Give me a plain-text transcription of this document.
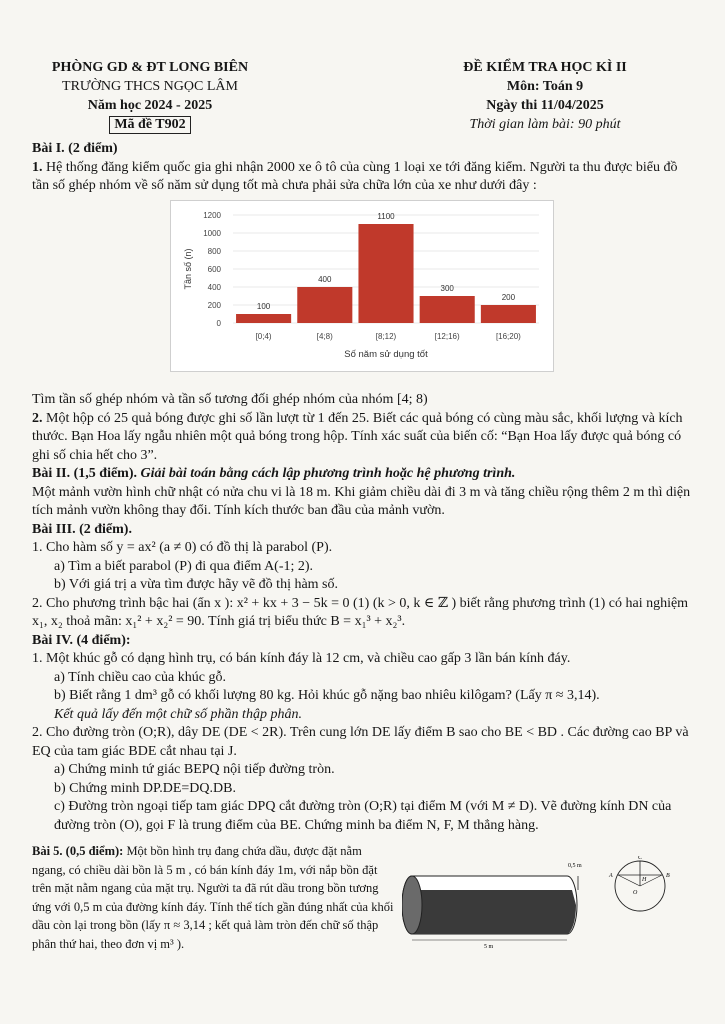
PHÒNG GD & ĐT LONG BIÊN
TRƯỜNG THCS NGỌC LÂM
Năm học 2024 - 2025
Mã đề T902
ĐỀ KIỂM TRA HỌC KÌ II
Môn: Toán 9
Ngày thi 11/04/2025
Thời gian làm bài: 90 phút

Bài I. (2 điểm)

1. Hệ thống đăng kiểm quốc gia ghi nhận 2000 xe ô tô của cùng 1 loại xe tới đăng kiểm. Người ta thu được biểu đồ tần số ghép nhóm về số năm sử dụng tốt mà chưa phải sửa chữa lớn của xe như dưới đây :

0
200
400
600
800
1000
1200
100
[0;4)
400
[4;8)
1100
[8;12)
300
[12;16)
200
[16;20)
Số năm sử dụng tốt
Tần số (n)

Tìm tần số ghép nhóm và tần số tương đối ghép nhóm của nhóm [4; 8)

2. Một hộp có 25 quả bóng được ghi số lần lượt từ 1 đến 25. Biết các quả bóng có cùng màu sắc, khối lượng và kích thước. Bạn Hoa lấy ngẫu nhiên một quả bóng trong hộp. Tính xác suất của biến cố: “Bạn Hoa lấy được quả bóng có ghi số chia hết cho 3”.

Bài II. (1,5 điểm). Giải bài toán bằng cách lập phương trình hoặc hệ phương trình.

Một mảnh vườn hình chữ nhật có nửa chu vi là 18 m. Khi giảm chiều dài đi 3 m và tăng chiều rộng thêm 2 m thì diện tích mảnh vườn không thay đổi. Tính kích thước ban đầu của mảnh vườn.

Bài III. (2 điểm).

1. Cho hàm số y = ax² (a ≠ 0) có đồ thị là parabol (P).

a) Tìm a biết parabol (P) đi qua điểm A(-1; 2).

b) Với giá trị a vừa tìm được hãy vẽ đồ thị hàm số.

2. Cho phương trình bậc hai (ẩn x ): x² + kx + 3 − 5k = 0 (1) (k > 0, k ∈ ℤ ) biết rằng phương trình (1) có hai nghiệm x₁, x₂ thoả mãn: x₁² + x₂² = 90. Tính giá trị biểu thức B = x₁³ + x₂³.

Bài IV. (4 điểm):

1. Một khúc gỗ có dạng hình trụ, có bán kính đáy là 12 cm, và chiều cao gấp 3 lần bán kính đáy.

a) Tính chiều cao của khúc gỗ.

b) Biết rằng 1 dm³ gỗ có khối lượng 80 kg. Hỏi khúc gỗ nặng bao nhiêu kilôgam? (Lấy π ≈ 3,14).

Kết quả lấy đến một chữ số phần thập phân.

2. Cho đường tròn (O;R), dây DE (DE < 2R). Trên cung lớn DE lấy điểm B sao cho BE < BD . Các đường cao BP và EQ của tam giác BDE cắt nhau tại J.

a) Chứng minh tứ giác BEPQ nội tiếp đường tròn.

b) Chứng minh DP.DE=DQ.DB.

c) Đường tròn ngoại tiếp tam giác DPQ cắt đường tròn (O;R) tại điểm M (với M ≠ D). Vẽ đường kính DN của đường tròn (O), gọi F là trung điểm của BE. Chứng minh ba điểm N, F, M thẳng hàng.

Bài 5. (0,5 điểm): Một bồn hình trụ đang chứa dầu, được đặt nằm ngang, có chiều dài bồn là 5 m , có bán kính đáy 1m, với nắp bồn đặt trên mặt nằm ngang của mặt trụ. Người ta đã rút dầu trong bồn tương ứng với 0,5 m của đường kính đáy. Tính thể tích gần đúng nhất của khối dầu còn lại trong bồn (lấy π ≈ 3,14 ; kết quả làm tròn đến chữ số thập phân thứ hai, theo đơn vị m³ ).

0,5 m
5 m
C
A	B
H
O
